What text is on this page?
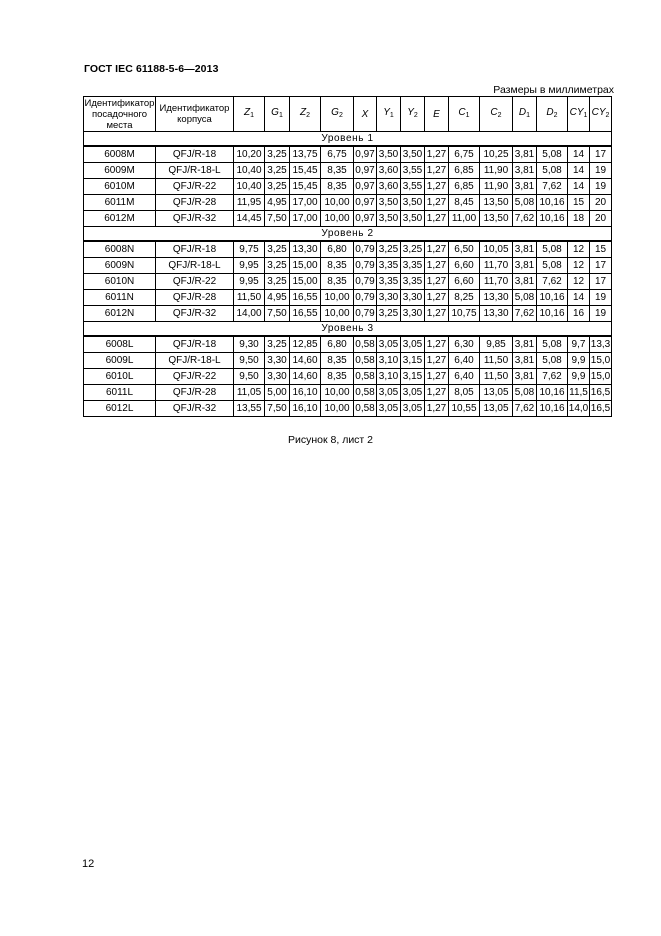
ГОСТ IEC 61188-5-6—2013
Размеры в миллиметрах
Идентификатор посадочного места	Идентификатор корпуса	$Z_1$	$G_1$	$Z_2$	$G_2$	X	$Y_1$	$Y_2$	E	$C_1$	$C_2$	$D_1$	$D_2$	$CY_1$	$CY_2$
Уровень 1															
6008M	QFJ/R-18	10,20	3,25	13,75	6,75	0,97	3,50	3,50	1,27	6,75	10,25	3,81	5,08	14	17
6009M	QFJ/R-18-L	10,40	3,25	15,45	8,35	0,97	3,60	3,55	1,27	6,85	11,90	3,81	5,08	14	19
6010M	QFJ/R-22	10,40	3,25	15,45	8,35	0,97	3,60	3,55	1,27	6,85	11,90	3,81	7,62	14	19
6011M	QFJ/R-28	11,95	4,95	17,00	10,00	0,97	3,50	3,50	1,27	8,45	13,50	5,08	10,16	15	20
6012M	QFJ/R-32	14,45	7,50	17,00	10,00	0,97	3,50	3,50	1,27	11,00	13,50	7,62	10,16	18	20
Уровень 2															
6008N	QFJ/R-18	9,75	3,25	13,30	6,80	0,79	3,25	3,25	1,27	6,50	10,05	3,81	5,08	12	15
6009N	QFJ/R-18-L	9,95	3,25	15,00	8,35	0,79	3,35	3,35	1,27	6,60	11,70	3,81	5,08	12	17
6010N	QFJ/R-22	9,95	3,25	15,00	8,35	0,79	3,35	3,35	1,27	6,60	11,70	3,81	7,62	12	17
6011N	QFJ/R-28	11,50	4,95	16,55	10,00	0,79	3,30	3,30	1,27	8,25	13,30	5,08	10,16	14	19
6012N	QFJ/R-32	14,00	7,50	16,55	10,00	0,79	3,25	3,30	1,27	10,75	13,30	7,62	10,16	16	19
Уровень 3															
6008L	QFJ/R-18	9,30	3,25	12,85	6,80	0,58	3,05	3,05	1,27	6,30	9,85	3,81	5,08	9,7	13,3
6009L	QFJ/R-18-L	9,50	3,30	14,60	8,35	0,58	3,10	3,15	1,27	6,40	11,50	3,81	5,08	9,9	15,0
6010L	QFJ/R-22	9,50	3,30	14,60	8,35	0,58	3,10	3,15	1,27	6,40	11,50	3,81	7,62	9,9	15,0
6011L	QFJ/R-28	11,05	5,00	16,10	10,00	0,58	3,05	3,05	1,27	8,05	13,05	5,08	10,16	11,5	16,5
6012L	QFJ/R-32	13,55	7,50	16,10	10,00	0,58	3,05	3,05	1,27	10,55	13,05	7,62	10,16	14,0	16,5
Рисунок 8, лист 2
12
